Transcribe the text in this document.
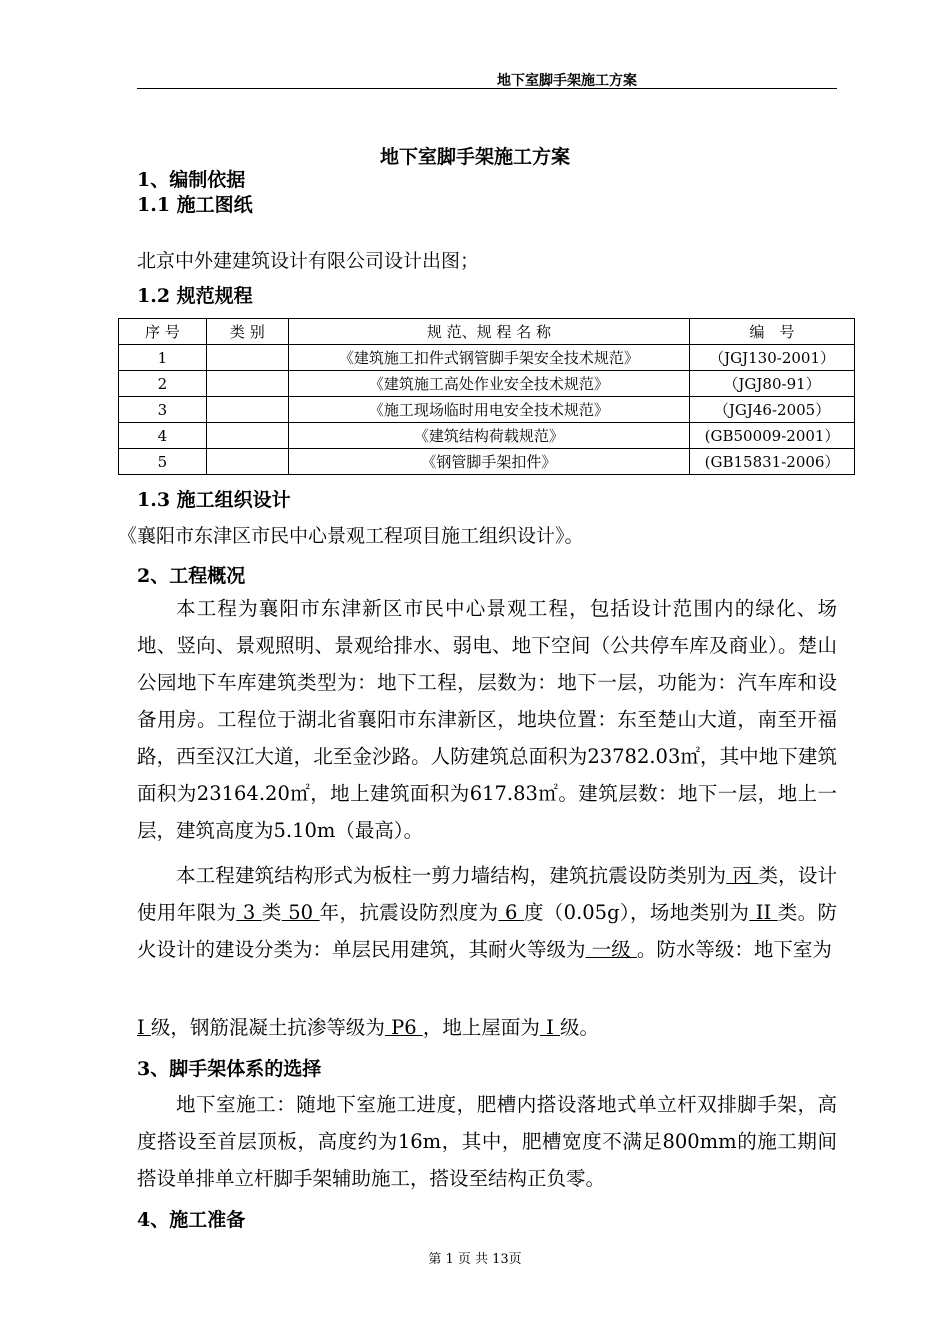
地下室脚手架施工方案
地下室脚手架施工方案
1、编制依据
1.1 施工图纸
北京中外建建筑设计有限公司设计出图；
1.2 规范规程
序 号	类 别	规 范、规 程 名 称	编　号
1		《建筑施工扣件式钢管脚手架安全技术规范》	（JGJ130-2001）
2		《建筑施工高处作业安全技术规范》	（JGJ80-91）
3		《施工现场临时用电安全技术规范》	（JGJ46-2005）
4		《建筑结构荷载规范》	(GB50009-2001）
5		《钢管脚手架扣件》	(GB15831-2006）
1.3 施工组织设计
《襄阳市东津区市民中心景观工程项目施工组织设计》。
2、工程概况
本工程为襄阳市东津新区市民中心景观工程，包括设计范围内的绿化、场地、竖向、景观照明、景观给排水、弱电、地下空间（公共停车库及商业）。楚山公园地下车库建筑类型为：地下工程，层数为：地下一层，功能为：汽车库和设备用房。工程位于湖北省襄阳市东津新区，地块位置：东至楚山大道，南至开福路，西至汉江大道，北至金沙路。人防建筑总面积为23782.03㎡，其中地下建筑面积为23164.20㎡，地上建筑面积为617.83㎡。建筑层数：地下一层，地上一层，建筑高度为5.10m（最高）。
本工程建筑结构形式为板柱一剪力墙结构，建筑抗震设防类别为 丙 类，设计使用年限为 3 类 50 年，抗震设防烈度为 6 度（0.05g），场地类别为 II 类。防火设计的建设分类为：单层民用建筑，其耐火等级为 一级 。防水等级：地下室为
I 级，钢筋混凝土抗渗等级为 P6 ，地上屋面为 I 级。
3、脚手架体系的选择
地下室施工：随地下室施工进度，肥槽内搭设落地式单立杆双排脚手架，高度搭设至首层顶板，高度约为16m，其中，肥槽宽度不满足800mm的施工期间搭设单排单立杆脚手架辅助施工，搭设至结构正负零。
4、施工准备
第 1 页 共 13页
